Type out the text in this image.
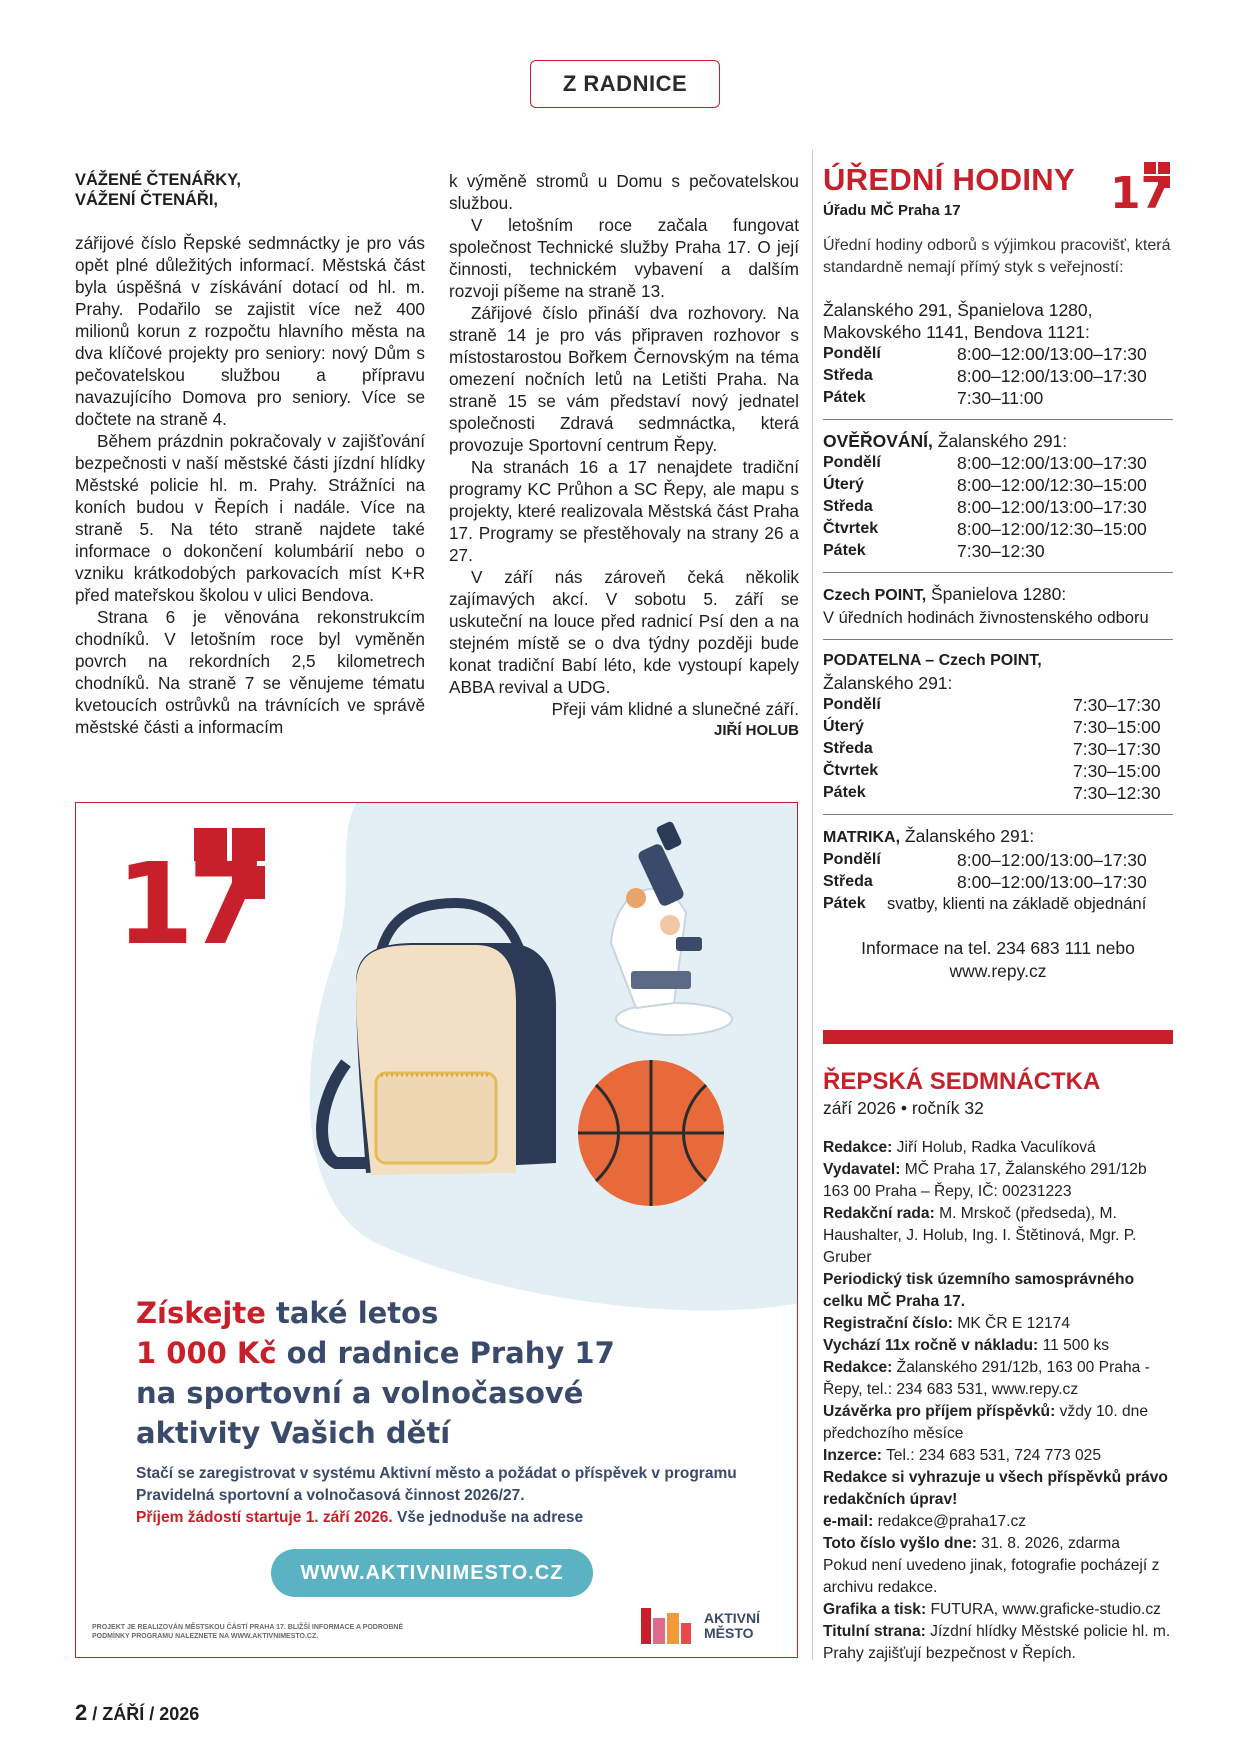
Z RADNICE
VÁŽENÉ ČTENÁŘKY,
VÁŽENÍ ČTENÁŘI,

zářijové číslo Řepské sedmnáctky je pro vás opět plné důležitých informací. Městská část byla úspěšná v získávání dotací od hl. m. Prahy. Podařilo se zajistit více než 400 milionů korun z rozpočtu hlavního města na dva klíčové projekty pro seniory: nový Dům s pečovatelskou službou a přípravu navazujícího Domova pro seniory. Více se dočtete na straně 4.

Během prázdnin pokračovaly v zajišťování bezpečnosti v naší městské části jízdní hlídky Městské policie hl. m. Prahy. Strážníci na koních budou v Řepích i nadále. Více na straně 5. Na této straně najdete také informace o dokončení kolumbárií nebo o vzniku krátkodobých parkovacích míst K+R před mateřskou školou v ulici Bendova.

Strana 6 je věnována rekonstrukcím chodníků. V letošním roce byl vyměněn povrch na rekordních 2,5 kilometrech chodníků. Na straně 7 se věnujeme tématu kvetoucích ostrůvků na trávnících ve správě městské části a informacím

k výměně stromů u Domu s pečovatelskou službou.

V letošním roce začala fungovat společnost Technické služby Praha 17. O její činnosti, technickém vybavení a dalším rozvoji píšeme na straně 13.

Zářijové číslo přináší dva rozhovory. Na straně 14 je pro vás připraven rozhovor s místostarostou Bořkem Černovským na téma omezení nočních letů na Letišti Praha. Na straně 15 se vám představí nový jednatel společnosti Zdravá sedmnáctka, která provozuje Sportovní centrum Řepy.

Na stranách 16 a 17 nenajdete tradiční programy KC Průhon a SC Řepy, ale mapu s projekty, které realizovala Městská část Praha 17. Programy se přestěhovaly na strany 26 a 27.

V září nás zároveň čeká několik zajímavých akcí. V sobotu 5. září se uskuteční na louce před radnicí Psí den a na stejném místě se o dva týdny později bude konat tradiční Babí léto, kde vystoupí kapely ABBA revival a UDG.

Přeji vám klidné a slunečné září.

JIŘÍ HOLUB
ÚŘEDNÍ HODINY
Úřadu MČ Praha 17	17
Úřední hodiny odborů s výjimkou pracovišť, která standardně nemají přímý styk s veřejností:
Žalanského 291, Španielova 1280, Makovského 1141, Bendova 1121:
Pondělí	8:00–12:00/13:00–17:30
Středa	8:00–12:00/13:00–17:30
Pátek	7:30–11:00
OVĚŘOVÁNÍ, Žalanského 291:
Pondělí	8:00–12:00/13:00–17:30
Úterý	8:00–12:00/12:30–15:00
Středa	8:00–12:00/13:00–17:30
Čtvrtek	8:00–12:00/12:30–15:00
Pátek	7:30–12:30
Czech POINT, Španielova 1280:
V úředních hodinách živnostenského odboru
PODATELNA – Czech POINT,
Žalanského 291:
Pondělí	7:30–17:30
Úterý	7:30–15:00
Středa	7:30–17:30
Čtvrtek	7:30–15:00
Pátek	7:30–12:30
MATRIKA, Žalanského 291:
Pondělí	8:00–12:00/13:00–17:30
Středa	8:00–12:00/13:00–17:30
Pátek	svatby, klienti na základě objednání
Informace na tel. 234 683 111 nebo
www.repy.cz
ŘEPSKÁ SEDMNÁCTKA
září 2026 • ročník 32
Redakce: Jiří Holub, Radka Vaculíková
Vydavatel: MČ Praha 17, Žalanského 291/12b 163 00 Praha – Řepy, IČ: 00231223
Redakční rada: M. Mrskoč (předseda), M. Haushalter, J. Holub, Ing. I. Štětinová, Mgr. P. Gruber
Periodický tisk územního samosprávného celku MČ Praha 17.
Registrační číslo: MK ČR E 12174
Vychází 11x ročně v nákladu: 11 500 ks
Redakce: Žalanského 291/12b, 163 00 Praha - Řepy, tel.: 234 683 531, www.repy.cz
Uzávěrka pro příjem příspěvků: vždy 10. dne předchozího měsíce
Inzerce: Tel.: 234 683 531, 724 773 025
Redakce si vyhrazuje u všech příspěvků právo redakčních úprav!
e-mail: redakce@praha17.cz
Toto číslo vyšlo dne: 31. 8. 2026, zdarma
Pokud není uvedeno jinak, fotografie pocházejí z archivu redakce.
Grafika a tisk: FUTURA, www.graficke-studio.cz
Titulní strana: Jízdní hlídky Městské policie hl. m. Prahy zajišťují bezpečnost v Řepích.
17
Získejte také letos
1 000 Kč od radnice Prahy 17
na sportovní a volnočasové
aktivity Vašich dětí
Stačí se zaregistrovat v systému Aktivní město a požádat o příspěvek v programu Pravidelná sportovní a volnočasová činnost 2026/27.
Příjem žádostí startuje 1. září 2026. Vše jednoduše na adrese
WWW.AKTIVNIMESTO.CZ
PROJEKT JE REALIZOVÁN MĚSTSKOU ČÁSTÍ PRAHA 17. BLIŽŠÍ INFORMACE A PODROBNÉ PODMÍNKY PROGRAMU NALEZNETE NA WWW.AKTIVNIMESTO.CZ.
AKTIVNÍ
MĚSTO
2 / ZÁŘÍ / 2026
